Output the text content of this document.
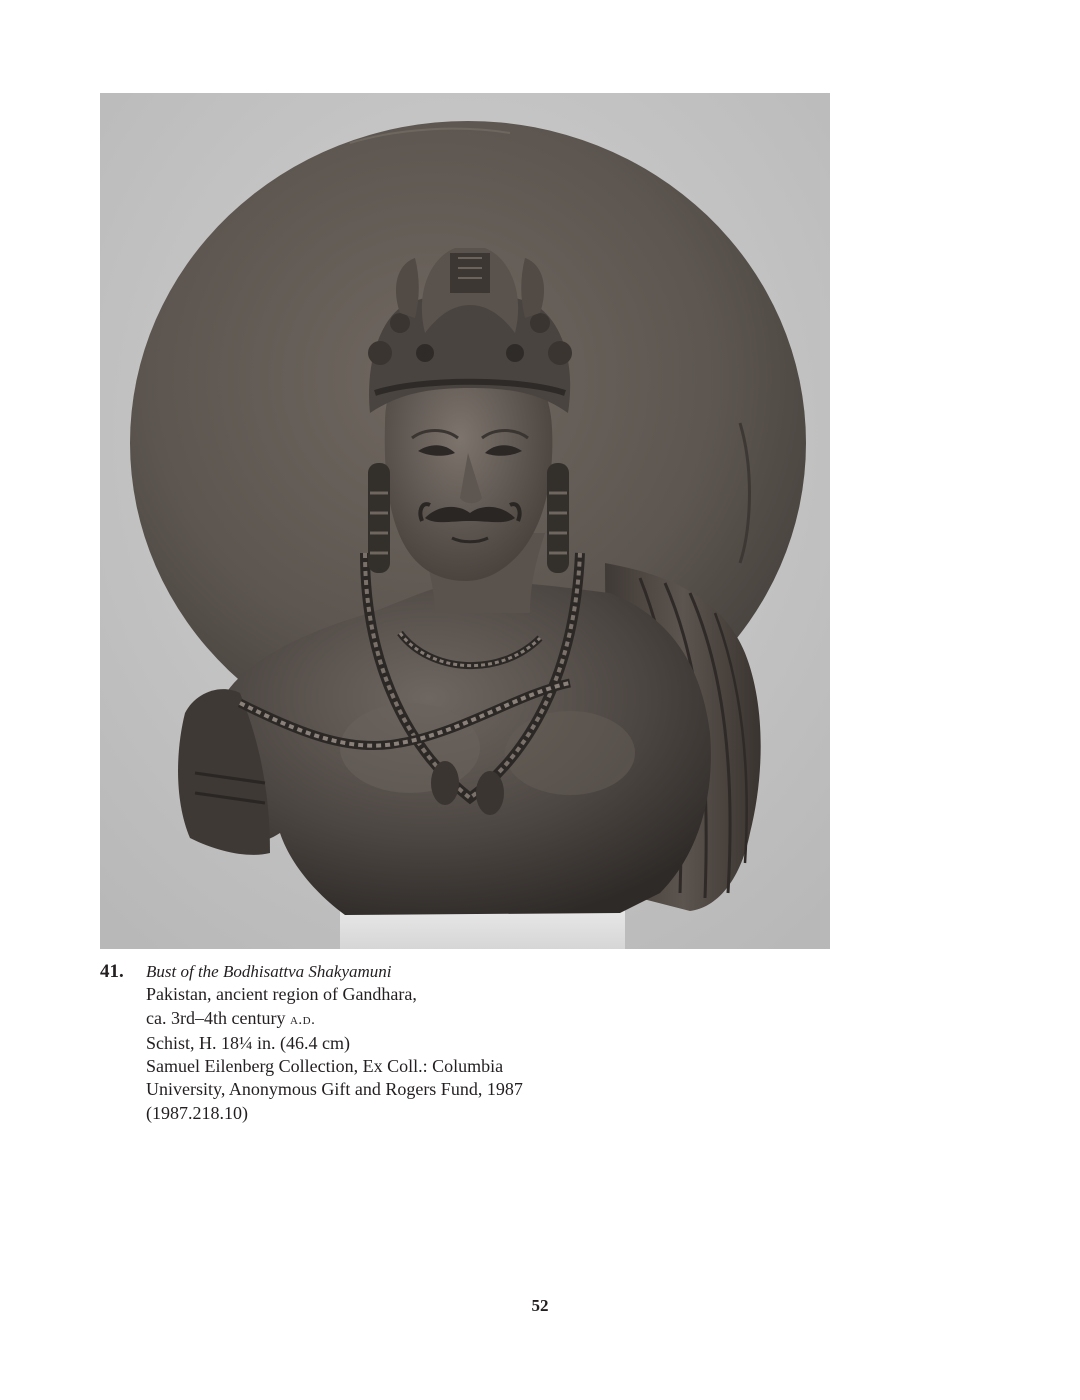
41.	Bust of the Bodhisattva Shakyamuni
Pakistan, ancient region of Gandhara,
ca. 3rd–4th century a.d.
Schist, H. 18¼ in. (46.4 cm)
Samuel Eilenberg Collection, Ex Coll.: Columbia
University, Anonymous Gift and Rogers Fund, 1987
(1987.218.10)
52
